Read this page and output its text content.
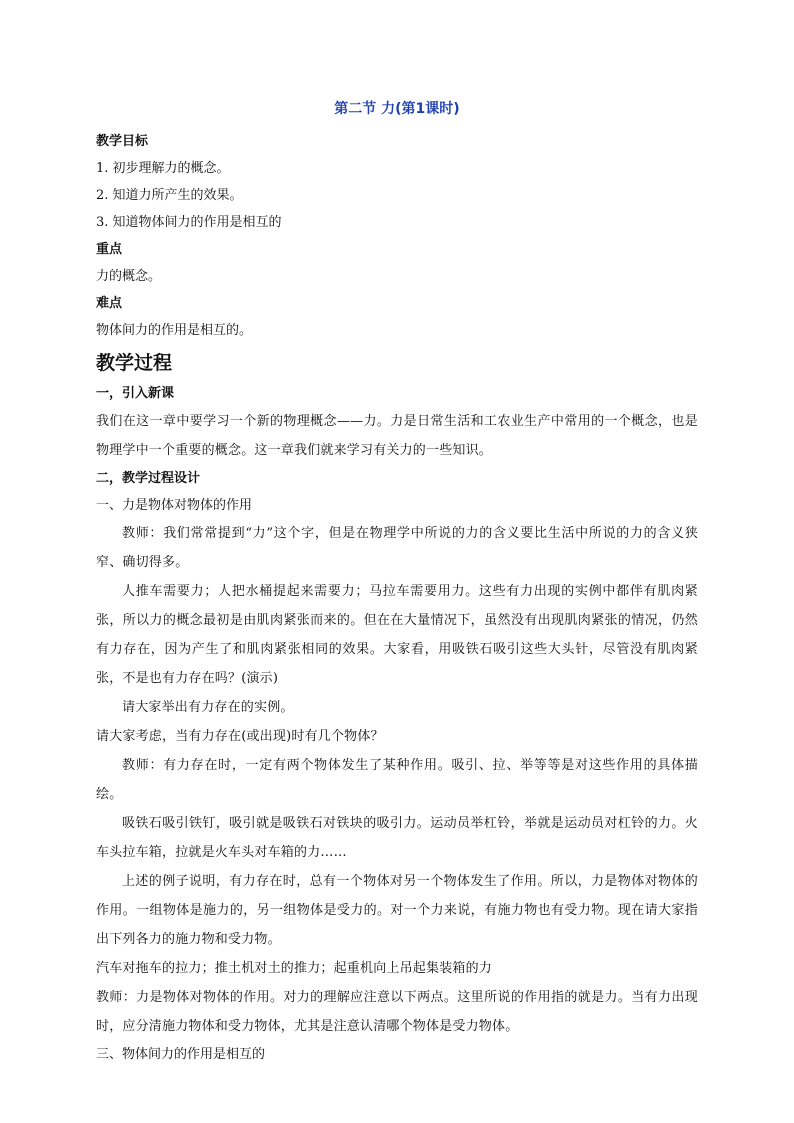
第二节 力(第1课时)

教学目标

1. 初步理解力的概念。

2. 知道力所产生的效果。

3. 知道物体间力的作用是相互的

重点

力的概念。

难点

物体间力的作用是相互的。

教学过程

一，引入新课

我们在这一章中要学习一个新的物理概念——力。力是日常生活和工农业生产中常用的一个概念，也是物理学中一个重要的概念。这一章我们就来学习有关力的一些知识。

二，教学过程设计

一、力是物体对物体的作用

教师：我们常常提到“力”这个字，但是在物理学中所说的力的含义要比生活中所说的力的含义狭窄、确切得多。

人推车需要力；人把水桶提起来需要力；马拉车需要用力。这些有力出现的实例中都伴有肌肉紧张，所以力的概念最初是由肌肉紧张而来的。但在在大量情况下，虽然没有出现肌肉紧张的情况，仍然有力存在，因为产生了和肌肉紧张相同的效果。大家看，用吸铁石吸引这些大头针，尽管没有肌肉紧张，不是也有力存在吗？(演示)

请大家举出有力存在的实例。

请大家考虑，当有力存在(或出现)时有几个物体？

教师：有力存在时，一定有两个物体发生了某种作用。吸引、拉、举等等是对这些作用的具体描绘。

吸铁石吸引铁钉，吸引就是吸铁石对铁块的吸引力。运动员举杠铃，举就是运动员对杠铃的力。火车头拉车箱，拉就是火车头对车箱的力……

上述的例子说明，有力存在时，总有一个物体对另一个物体发生了作用。所以，力是物体对物体的作用。一组物体是施力的，另一组物体是受力的。对一个力来说，有施力物也有受力物。现在请大家指出下列各力的施力物和受力物。

汽车对拖车的拉力；推土机对土的推力；起重机向上吊起集装箱的力

教师：力是物体对物体的作用。对力的理解应注意以下两点。这里所说的作用指的就是力。当有力出现时，应分清施力物体和受力物体，尤其是注意认清哪个物体是受力物体。

三、物体间力的作用是相互的
